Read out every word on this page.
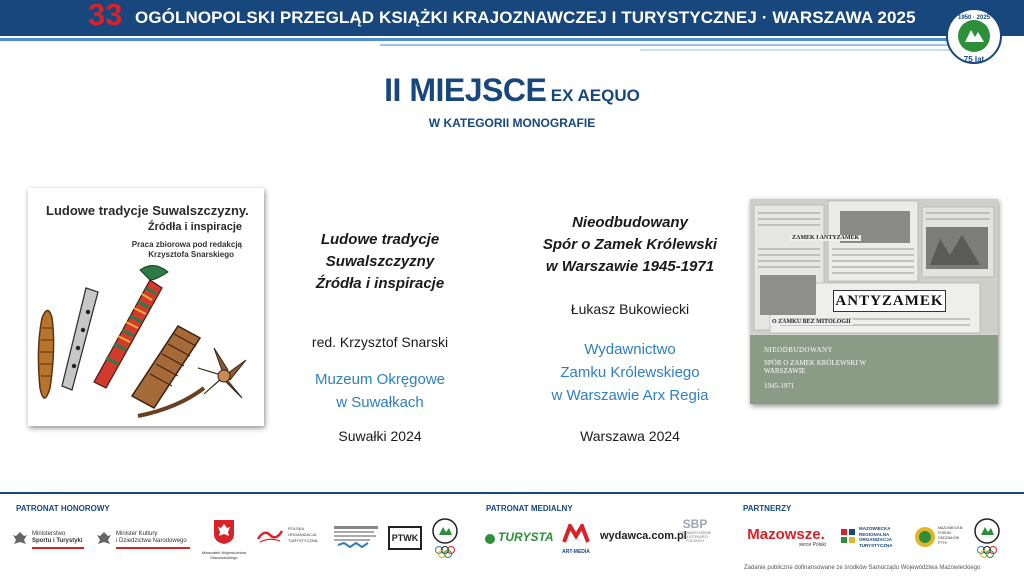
33 OGÓLNOPOLSKI PRZEGLĄD KSIĄŻKI KRAJOZNAWCZEJ I TURYSTYCZNEJ · WARSZAWA 2025	1950 · 2025
75 lat
II MIEJSCE EX AEQUO
W KATEGORII MONOGRAFIE
Ludowe tradycje Suwalszczyzny.
Źródła i inspiracje
Praca zbiorowa pod redakcją
Krzysztofa Snarskiego
Ludowe tradycje
Suwalszczyzny
Źródła i inspiracje
red. Krzysztof Snarski
Muzeum Okręgowe
w Suwałkach
Suwałki 2024
Nieodbudowany
Spór o Zamek Królewski
w Warszawie 1945-1971
Łukasz Bukowiecki
Wydawnictwo
Zamku Królewskiego
w Warszawie Arx Regia
Warszawa 2024
ZAMEK I ANTYZAMEK
ANTYZAMEK
O ZAMKU BEZ MITOLOGII
NIEODBUDOWANY
SPÓR O ZAMEK KRÓLEWSKI W WARSZAWIE
1945-1971
PATRONAT HONOROWY	PATRONAT MEDIALNY	PARTNERZY
Ministerstwo
Sportu i Turystyki
Minister Kultury
i Dziedzictwa Narodowego
Marszałek Województwa Mazowieckiego
POLSKA
ORGANIZACJA
TURYSTYCZNA	PTWK	TURYSTA
ART-MEDIA
wydawca.com.pl
SBP
STOWARZYSZENIE
BIBLIOTEKARZY
POLSKICH	Mazowsze.
serce Polski
MAZOWIECKA
REGIONALNA
ORGANIZACJA
TURYSTYCZNA
MAZOWIECKIE
FORUM
ODDZIAŁÓW
PTTK
Zadanie publiczne dofinansowane ze środków Samorządu Województwa Mazowieckiego
